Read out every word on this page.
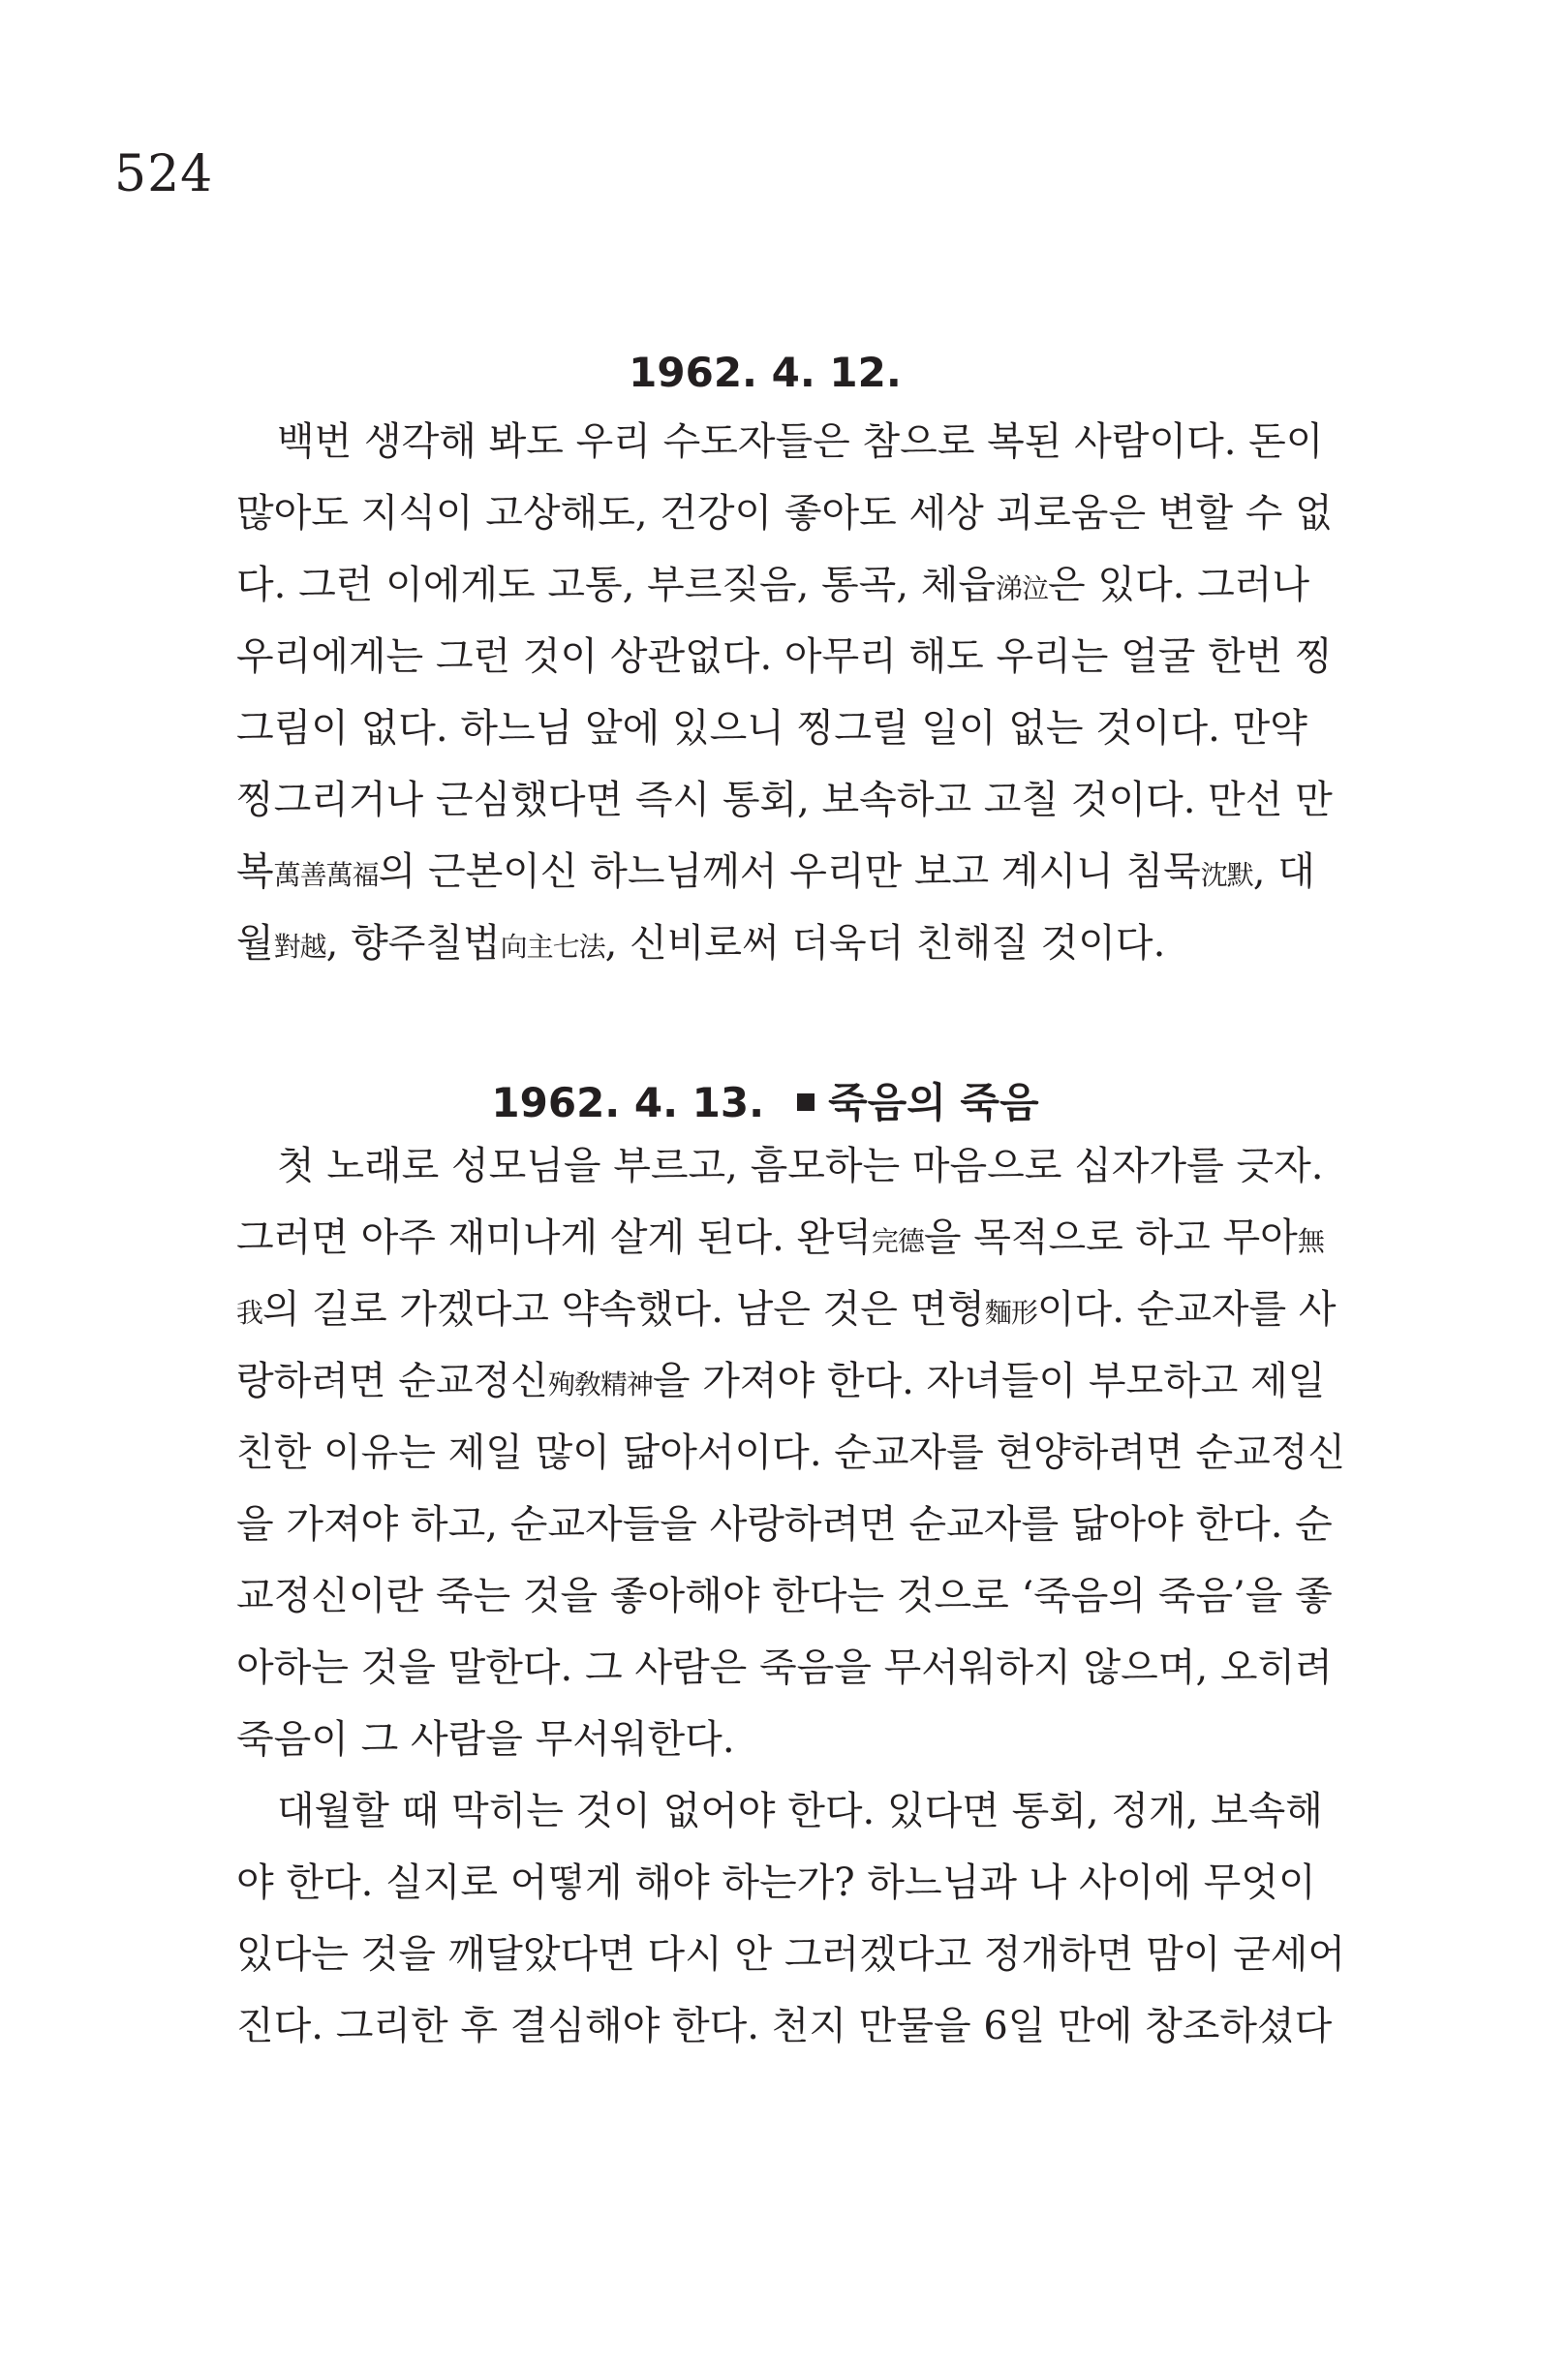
524
1962. 4. 12.
백번 생각해 봐도 우리 수도자들은 참으로 복된 사람이다. 돈이
많아도 지식이 고상해도, 건강이 좋아도 세상 괴로움은 변할 수 없
다. 그런 이에게도 고통, 부르짖음, 통곡, 체읍涕泣은 있다. 그러나
우리에게는 그런 것이 상관없다. 아무리 해도 우리는 얼굴 한번 찡
그림이 없다. 하느님 앞에 있으니 찡그릴 일이 없는 것이다. 만약
찡그리거나 근심했다면 즉시 통회, 보속하고 고칠 것이다. 만선 만
복萬善萬福의 근본이신 하느님께서 우리만 보고 계시니 침묵沈默, 대
월對越, 향주칠법向主七法, 신비로써 더욱더 친해질 것이다.
1962. 4. 13. 죽음의 죽음
첫 노래로 성모님을 부르고, 흠모하는 마음으로 십자가를 긋자.
그러면 아주 재미나게 살게 된다. 완덕完德을 목적으로 하고 무아無
我의 길로 가겠다고 약속했다. 남은 것은 면형麵形이다. 순교자를 사
랑하려면 순교정신殉敎精神을 가져야 한다. 자녀들이 부모하고 제일
친한 이유는 제일 많이 닮아서이다. 순교자를 현양하려면 순교정신
을 가져야 하고, 순교자들을 사랑하려면 순교자를 닮아야 한다. 순
교정신이란 죽는 것을 좋아해야 한다는 것으로 ‘죽음의 죽음’을 좋
아하는 것을 말한다. 그 사람은 죽음을 무서워하지 않으며, 오히려
죽음이 그 사람을 무서워한다.
대월할 때 막히는 것이 없어야 한다. 있다면 통회, 정개, 보속해
야 한다. 실지로 어떻게 해야 하는가? 하느님과 나 사이에 무엇이
있다는 것을 깨달았다면 다시 안 그러겠다고 정개하면 맘이 굳세어
진다. 그리한 후 결심해야 한다. 천지 만물을 6일 만에 창조하셨다
